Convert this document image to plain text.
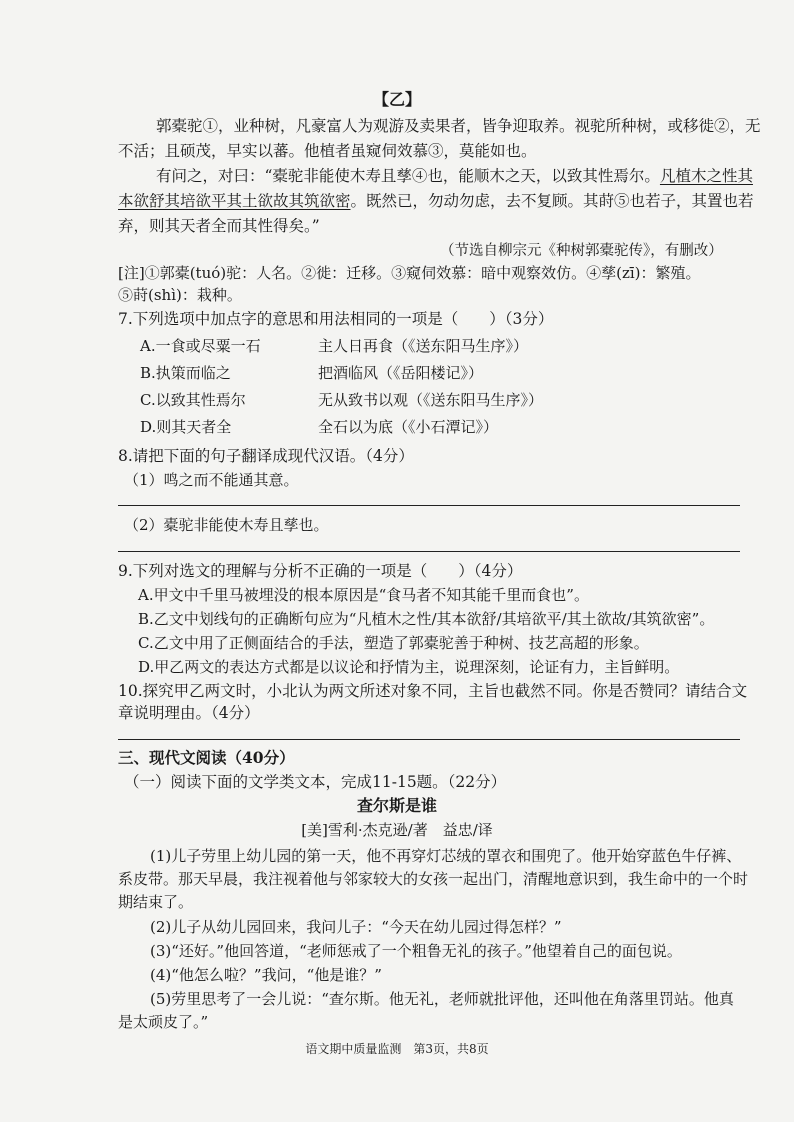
【乙】
郭橐驼①，业种树，凡豪富人为观游及卖果者，皆争迎取养。视驼所种树，或移徙②，无
不活；且硕茂，早实以蕃。他植者虽窥伺效慕③，莫能如也。
有问之，对曰：“橐驼非能使木寿且孳④也，能顺木之天，以致其性焉尔。凡植木之性其
本欲舒其培欲平其土欲故其筑欲密。既然已，勿动勿虑，去不复顾。其莳⑤也若子，其置也若
弃，则其天者全而其性得矣。”
（节选自柳宗元《种树郭橐驼传》，有删改）
[注]①郭橐(tuó)驼：人名。②徙：迁移。③窥伺效慕：暗中观察效仿。④孳(zī)：繁殖。
⑤莳(shì)：栽种。
7.下列选项中加点字的意思和用法相同的一项是（　　）（3分）
A.一食或尽粟一石	主人日再食（《送东阳马生序》）
B.执策而临之	把酒临风（《岳阳楼记》）
C.以致其性焉尔	无从致书以观（《送东阳马生序》）
D.则其天者全	全石以为底（《小石潭记》）
8.请把下面的句子翻译成现代汉语。（4分）
（1）鸣之而不能通其意。
（2）橐驼非能使木寿且孳也。
9.下列对选文的理解与分析不正确的一项是（　　）（4分）
A.甲文中千里马被埋没的根本原因是“食马者不知其能千里而食也”。
B.乙文中划线句的正确断句应为“凡植木之性/其本欲舒/其培欲平/其土欲故/其筑欲密”。
C.乙文中用了正侧面结合的手法，塑造了郭橐驼善于种树、技艺高超的形象。
D.甲乙两文的表达方式都是以议论和抒情为主，说理深刻，论证有力，主旨鲜明。
10.探究甲乙两文时，小北认为两文所述对象不同，主旨也截然不同。你是否赞同？请结合文
章说明理由。（4分）
三、现代文阅读（40分）
（一）阅读下面的文学类文本，完成11-15题。（22分）
查尔斯是谁
[美]雪利·杰克逊/著　益忠/译
(1)儿子劳里上幼儿园的第一天，他不再穿灯芯绒的罩衣和围兜了。他开始穿蓝色牛仔裤、
系皮带。那天早晨，我注视着他与邻家较大的女孩一起出门，清醒地意识到，我生命中的一个时
期结束了。
(2)儿子从幼儿园回来，我问儿子：“今天在幼儿园过得怎样？”
(3)“还好。”他回答道，“老师惩戒了一个粗鲁无礼的孩子。”他望着自己的面包说。
(4)“他怎么啦？”我问，“他是谁？”
(5)劳里思考了一会儿说：“查尔斯。他无礼，老师就批评他，还叫他在角落里罚站。他真
是太顽皮了。”
语文期中质量监测　第3页，共8页
